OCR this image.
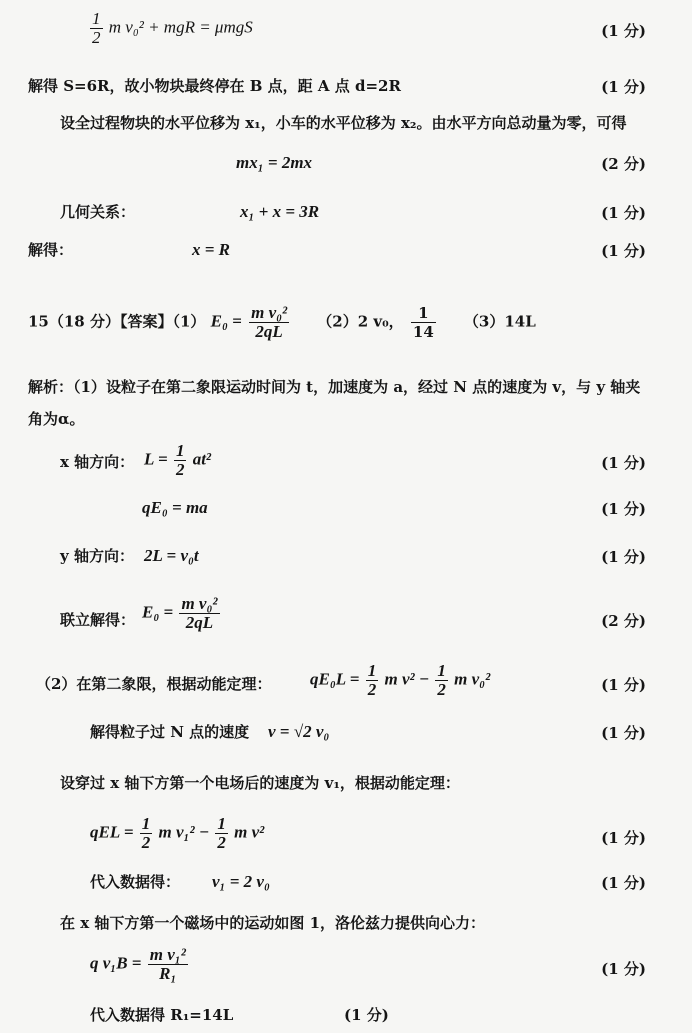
$\frac{1}{2}$ m v₀² + mgR = μmgS	(1 分)
解得 S=6R，故小物块最终停在 B 点，距 A 点 d=2R	(1 分)
设全过程物块的水平位移为 x₁，小车的水平位移为 x₂。由水平方向总动量为零，可得
mx₁ = 2mx	(2 分)
几何关系：	x₁ + x = 3R	(1 分)
解得：	x = R	(1 分)
15（18 分）【答案】（1） $E_0 = \frac{\text{m v₀²}}{2qL} (2)2$ v₀， $\frac{1}{14} (3)14L$
解析：（1）设粒子在第二象限运动时间为 t，加速度为 a，经过 N 点的速度为 v，与 y 轴夹
角为α。
x 轴方向： $L = \frac{1}{2} at^2$	(1 分)
qE₀ = ma	(1 分)
y 轴方向： 2L = v₀t	(1 分)
联立解得： $E_0 = \frac{\text{m v₀²}}{2qL}$	(2 分)
（2）在第二象限，根据动能定理： $qE_0L = \frac{1}{2}$ m $v^2 - \frac{1}{2}$ m v₀²	(1 分)
解得粒子过 N 点的速度 v = √2 v₀	(1 分)
设穿过 x 轴下方第一个电场后的速度为 v₁，根据动能定理：
qEL = $\frac{1}{2}$ m $v_1^2 - \frac{1}{2}$ m v²	(1 分)
代入数据得： v₁ = 2 v₀	(1 分)
在 x 轴下方第一个磁场中的运动如图 1，洛伦兹力提供向心力：
q $v_1B = \frac{\text{m v₁²}}{\text{R₁}}$	(1 分)
代入数据得 R₁=14L	(1 分)
